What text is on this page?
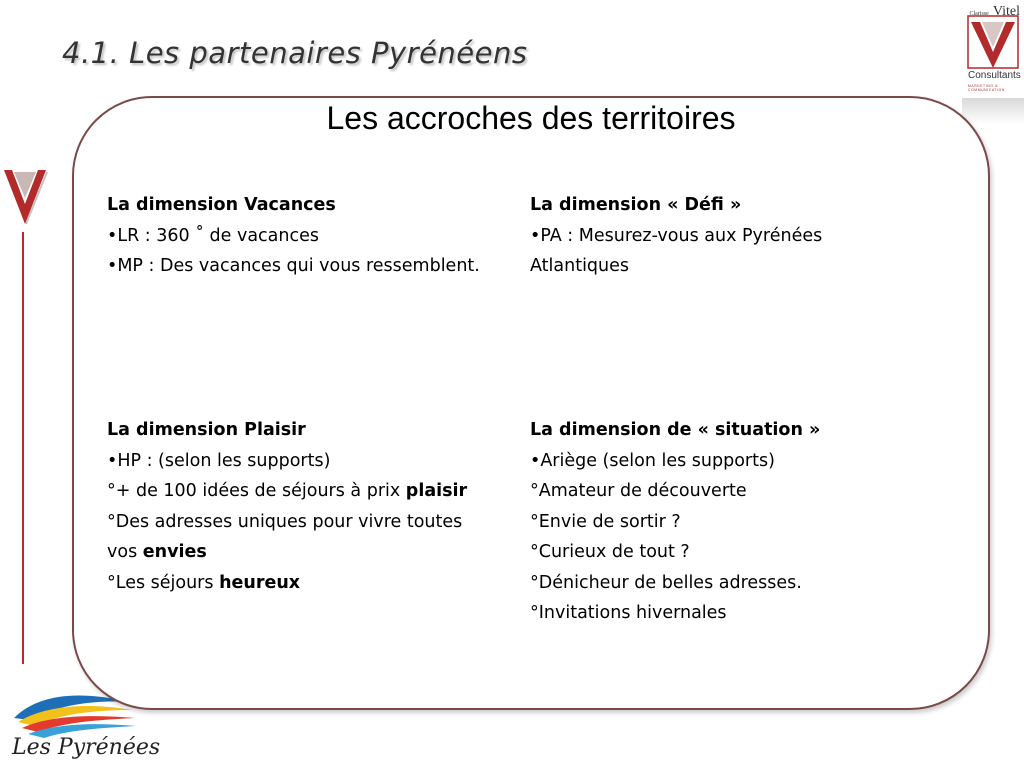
4.1. Les partenaires Pyrénéens
Clarisse Vitel
Consultants
MARKETING & COMMUNICATION
Les Pyrénées
Les accroches des territoires
La dimension Vacances
•LR : 360 ˚ de vacances
•MP : Des vacances qui vous ressemblent.
La dimension « Défi »
•PA : Mesurez-vous aux Pyrénées Atlantiques
La dimension Plaisir
•HP : (selon les supports)
°+ de 100 idées de séjours à prix plaisir
°Des adresses uniques pour vivre toutes vos envies
°Les séjours heureux
La dimension de « situation »
•Ariège (selon les supports)
°Amateur de découverte
°Envie de sortir ?
°Curieux de tout ?
°Dénicheur de belles adresses.
°Invitations hivernales
